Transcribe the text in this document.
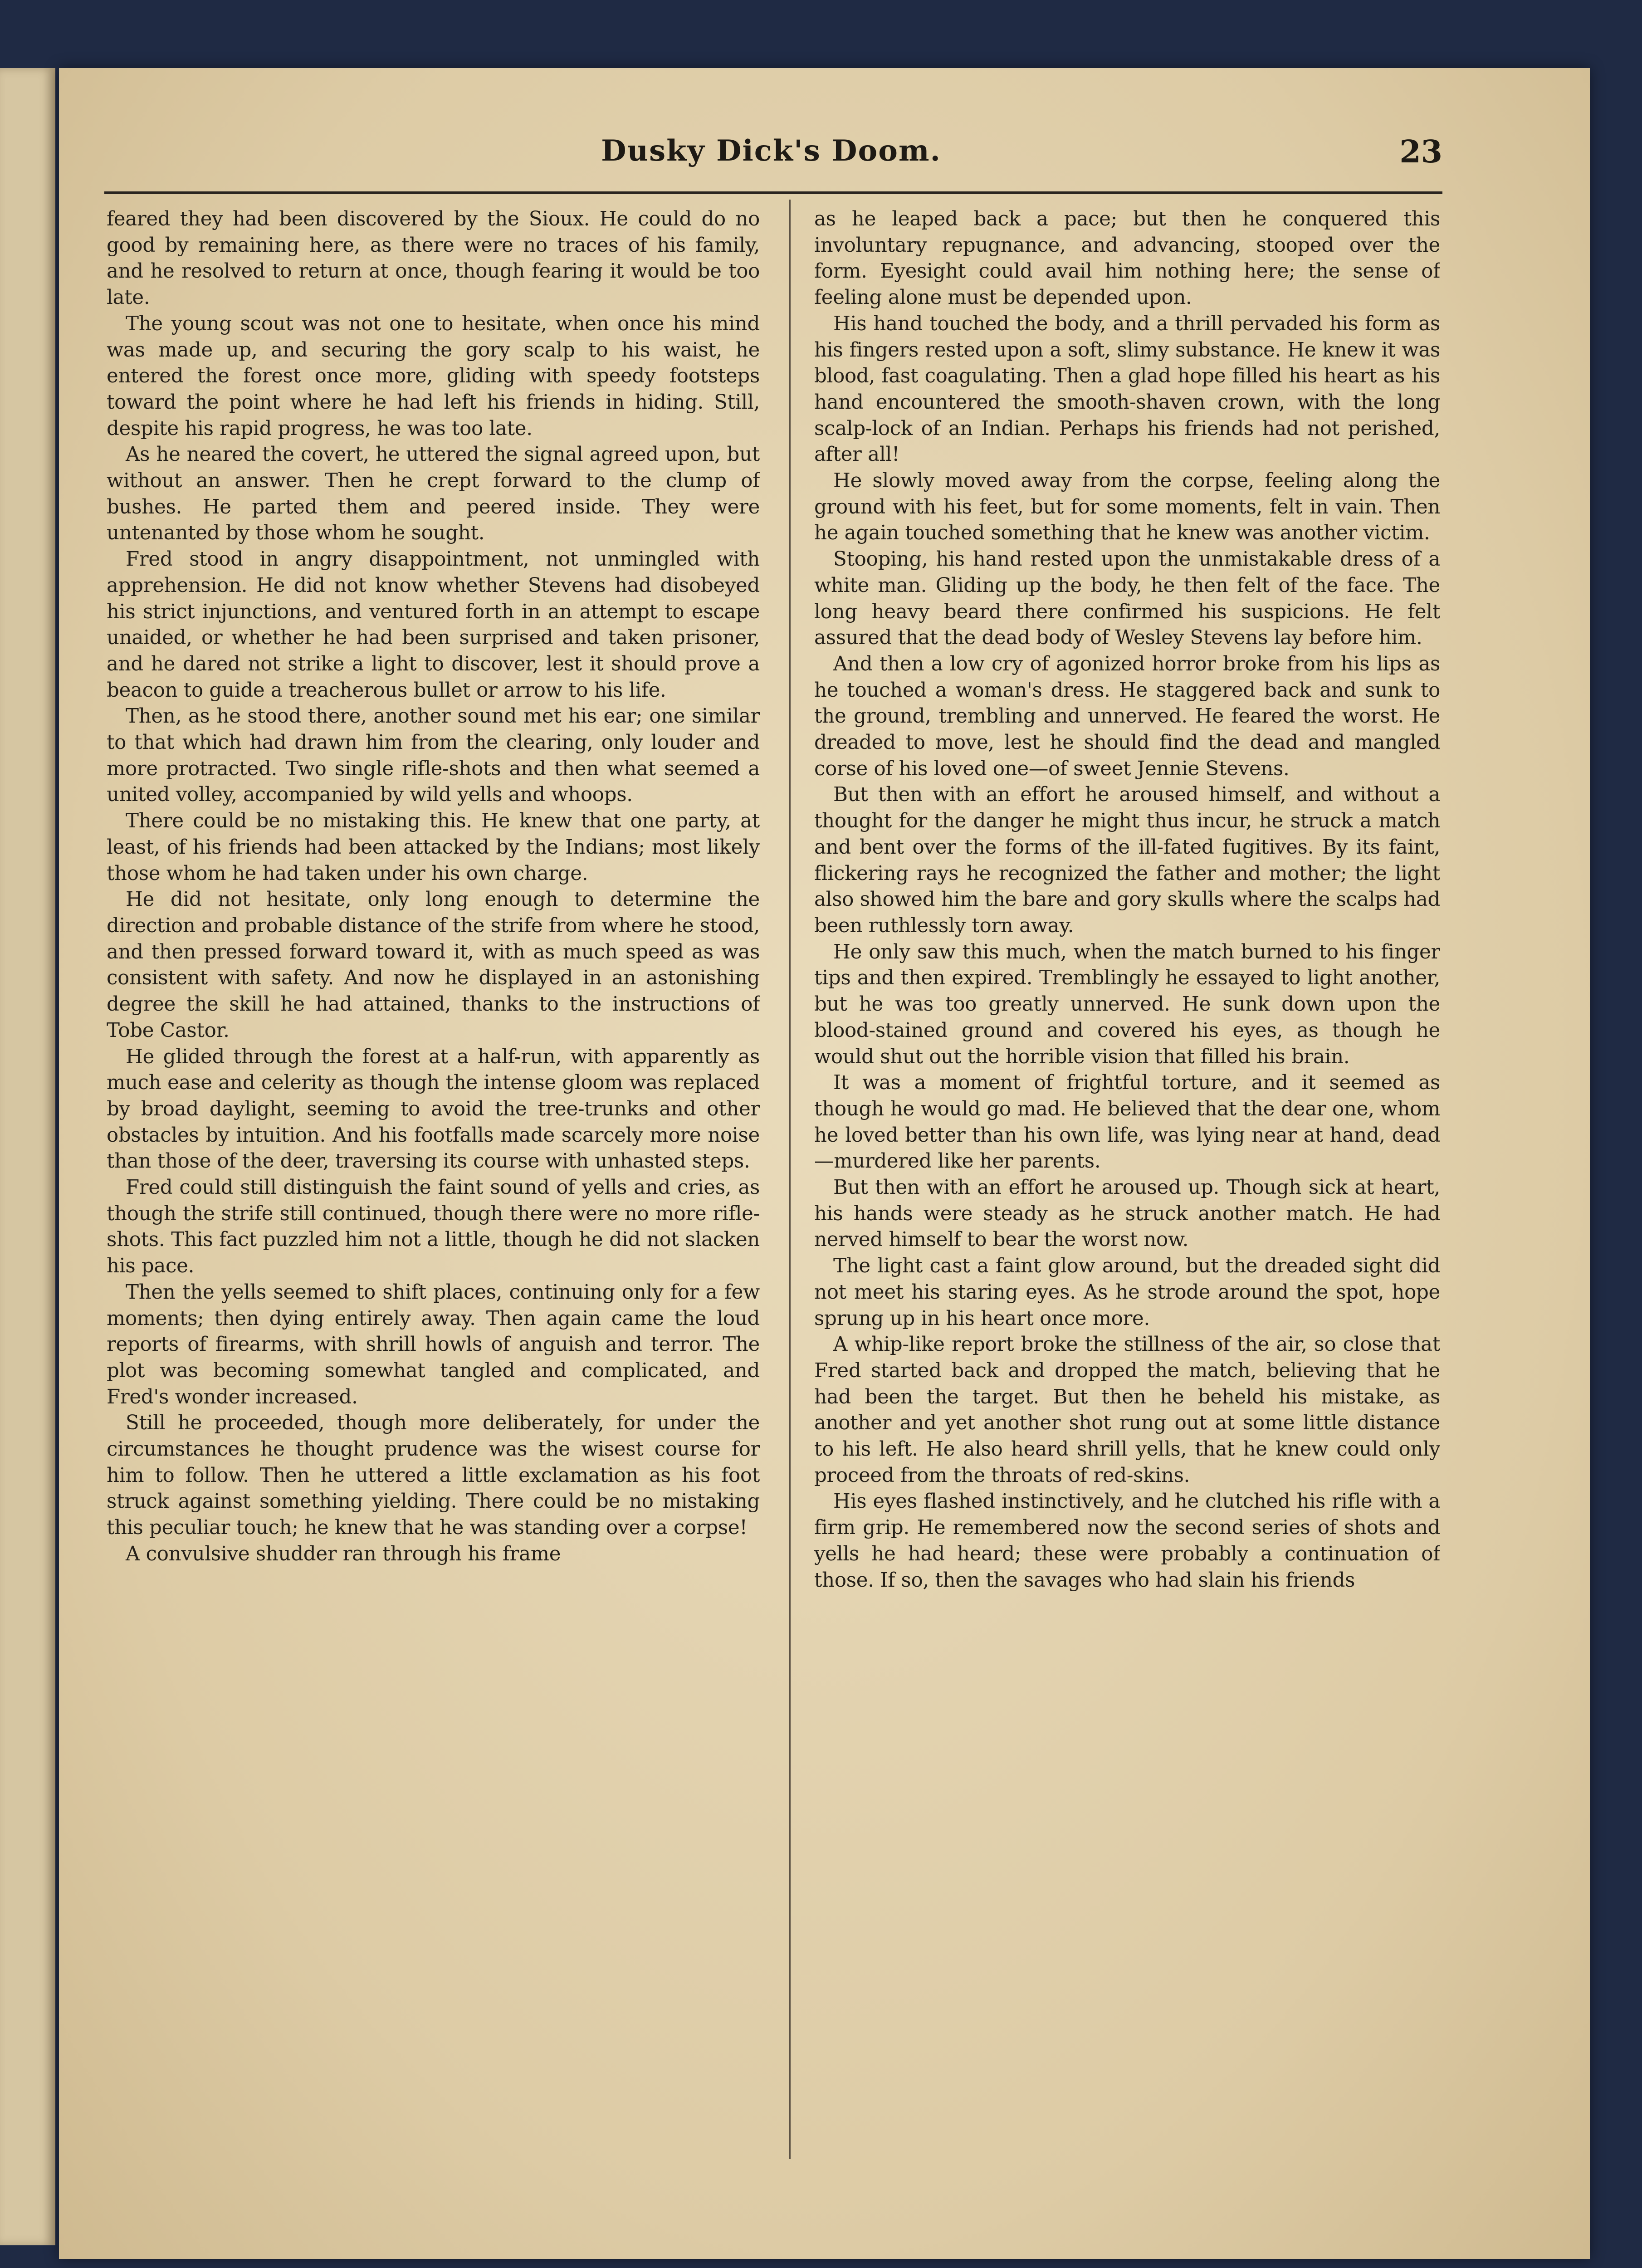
Dusky Dick's Doom.	23

feared they had been discovered by the Sioux. He could do no good by remaining here, as there were no traces of his family, and he resolved to return at once, though fearing it would be too late.

The young scout was not one to hesitate, when once his mind was made up, and securing the gory scalp to his waist, he entered the forest once more, gliding with speedy footsteps toward the point where he had left his friends in hiding. Still, despite his rapid progress, he was too late.

As he neared the covert, he uttered the signal agreed upon, but without an answer. Then he crept forward to the clump of bushes. He parted them and peered inside. They were untenanted by those whom he sought.

Fred stood in angry disappointment, not unmingled with apprehension. He did not know whether Stevens had disobeyed his strict injunctions, and ventured forth in an attempt to escape unaided, or whether he had been surprised and taken prisoner, and he dared not strike a light to discover, lest it should prove a beacon to guide a treacherous bullet or arrow to his life.

Then, as he stood there, another sound met his ear; one similar to that which had drawn him from the clearing, only louder and more protracted. Two single rifle-shots and then what seemed a united volley, accompanied by wild yells and whoops.

There could be no mistaking this. He knew that one party, at least, of his friends had been attacked by the Indians; most likely those whom he had taken under his own charge.

He did not hesitate, only long enough to determine the direction and probable distance of the strife from where he stood, and then pressed forward toward it, with as much speed as was consistent with safety. And now he displayed in an astonishing degree the skill he had attained, thanks to the instructions of Tobe Castor.

He glided through the forest at a half-run, with apparently as much ease and celerity as though the intense gloom was replaced by broad daylight, seeming to avoid the tree-trunks and other obstacles by intuition. And his footfalls made scarcely more noise than those of the deer, traversing its course with unhasted steps.

Fred could still distinguish the faint sound of yells and cries, as though the strife still continued, though there were no more rifle-shots. This fact puzzled him not a little, though he did not slacken his pace.

Then the yells seemed to shift places, continuing only for a few moments; then dying entirely away. Then again came the loud reports of firearms, with shrill howls of anguish and terror. The plot was becoming somewhat tangled and complicated, and Fred's wonder increased.

Still he proceeded, though more deliberately, for under the circumstances he thought prudence was the wisest course for him to follow. Then he uttered a little exclamation as his foot struck against something yielding. There could be no mistaking this peculiar touch; he knew that he was standing over a corpse!

A convulsive shudder ran through his frame

as he leaped back a pace; but then he conquered this involuntary repugnance, and advancing, stooped over the form. Eyesight could avail him nothing here; the sense of feeling alone must be depended upon.

His hand touched the body, and a thrill pervaded his form as his fingers rested upon a soft, slimy substance. He knew it was blood, fast coagulating. Then a glad hope filled his heart as his hand encountered the smooth-shaven crown, with the long scalp-lock of an Indian. Perhaps his friends had not perished, after all!

He slowly moved away from the corpse, feeling along the ground with his feet, but for some moments, felt in vain. Then he again touched something that he knew was another victim.

Stooping, his hand rested upon the unmistakable dress of a white man. Gliding up the body, he then felt of the face. The long heavy beard there confirmed his suspicions. He felt assured that the dead body of Wesley Stevens lay before him.

And then a low cry of agonized horror broke from his lips as he touched a woman's dress. He staggered back and sunk to the ground, trembling and unnerved. He feared the worst. He dreaded to move, lest he should find the dead and mangled corse of his loved one—of sweet Jennie Stevens.

But then with an effort he aroused himself, and without a thought for the danger he might thus incur, he struck a match and bent over the forms of the ill-fated fugitives. By its faint, flickering rays he recognized the father and mother; the light also showed him the bare and gory skulls where the scalps had been ruthlessly torn away.

He only saw this much, when the match burned to his finger tips and then expired. Tremblingly he essayed to light another, but he was too greatly unnerved. He sunk down upon the blood-stained ground and covered his eyes, as though he would shut out the horrible vision that filled his brain.

It was a moment of frightful torture, and it seemed as though he would go mad. He believed that the dear one, whom he loved better than his own life, was lying near at hand, dead—murdered like her parents.

But then with an effort he aroused up. Though sick at heart, his hands were steady as he struck another match. He had nerved himself to bear the worst now.

The light cast a faint glow around, but the dreaded sight did not meet his staring eyes. As he strode around the spot, hope sprung up in his heart once more.

A whip-like report broke the stillness of the air, so close that Fred started back and dropped the match, believing that he had been the target. But then he beheld his mistake, as another and yet another shot rung out at some little distance to his left. He also heard shrill yells, that he knew could only proceed from the throats of red-skins.

His eyes flashed instinctively, and he clutched his rifle with a firm grip. He remembered now the second series of shots and yells he had heard; these were probably a continuation of those. If so, then the savages who had slain his friends
